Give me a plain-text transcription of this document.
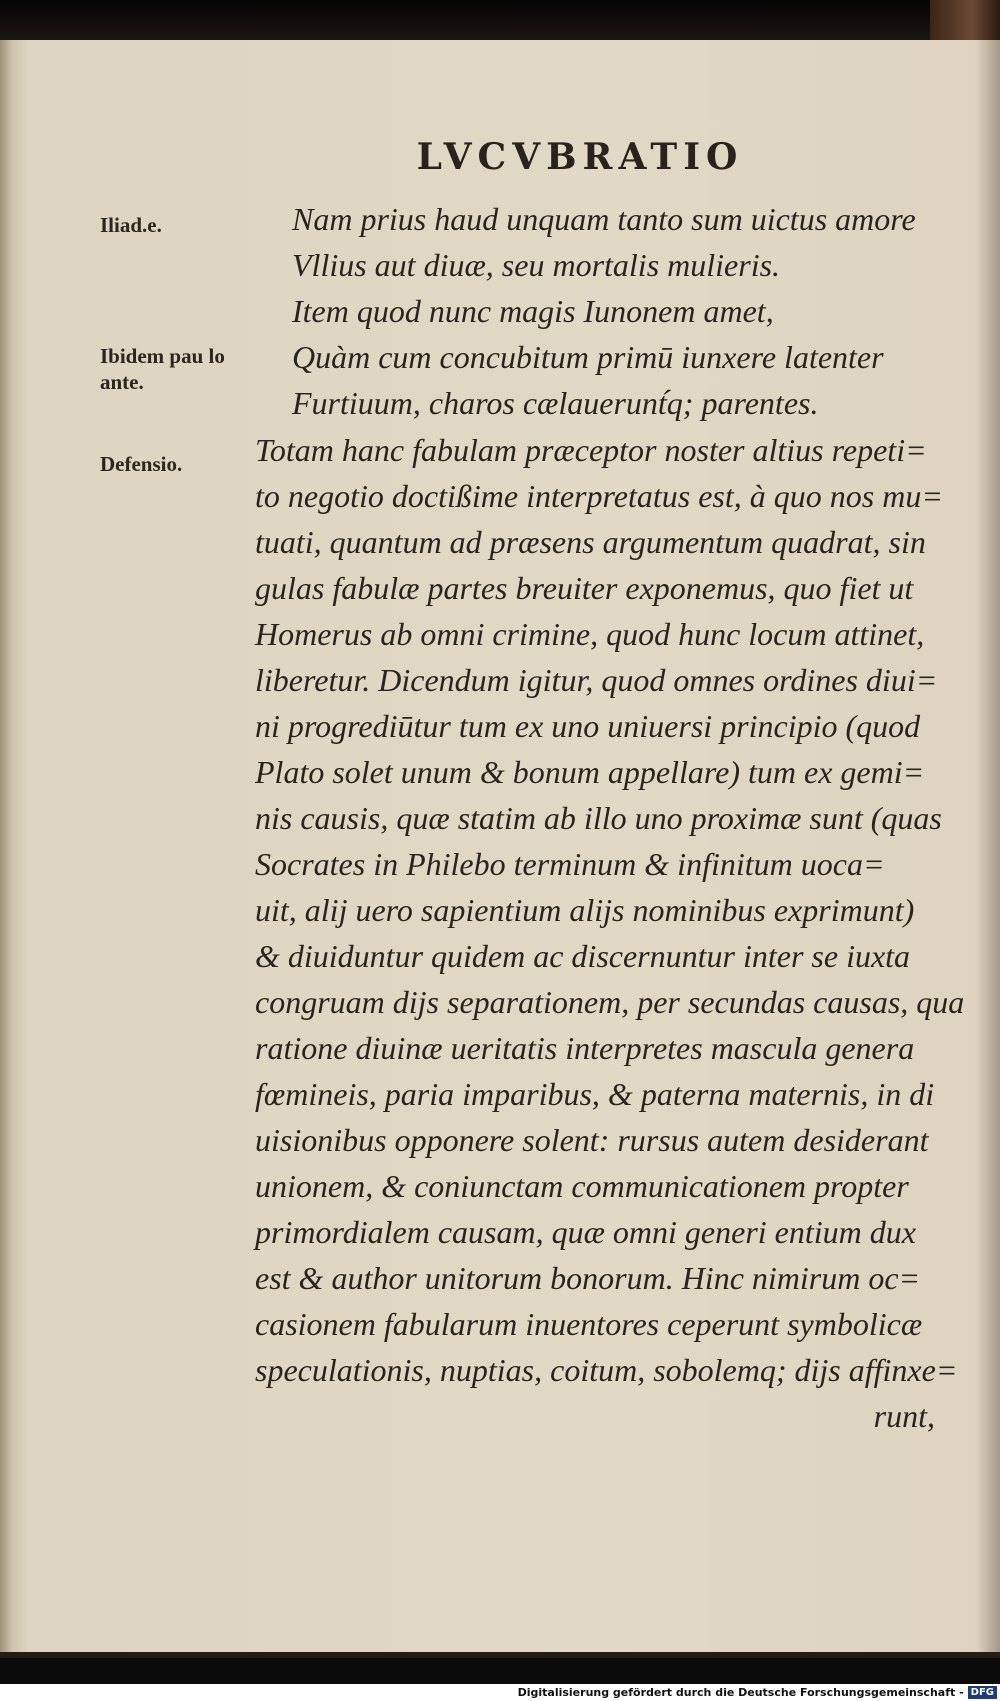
LVCVBRATIO
Iliad.e.
Ibidem pau lo ante.
Defensio.
Nam prius haud unquam tanto sum uictus amore
Vllius aut diuæ, seu mortalis mulieris.
Item quod nunc magis Iunonem amet,
Quàm cum concubitum primū iunxere latenter
Furtiuum, charos cælauerunt́q; parentes.
Totam hanc fabulam præceptor noster altius repeti=
to negotio doctißime interpretatus est, à quo nos mu=
tuati, quantum ad præsens argumentum quadrat, sin
gulas fabulæ partes breuiter exponemus, quo fiet ut
Homerus ab omni crimine, quod hunc locum attinet,
liberetur. Dicendum igitur, quod omnes ordines diui=
ni progrediūtur tum ex uno uniuersi principio (quod
Plato solet unum & bonum appellare) tum ex gemi=
nis causis, quæ statim ab illo uno proximæ sunt (quas
Socrates in Philebo terminum & infinitum uoca=
uit, alij uero sapientium alijs nominibus exprimunt)
& diuiduntur quidem ac discernuntur inter se iuxta
congruam dijs separationem, per secundas causas, qua
ratione diuinæ ueritatis interpretes mascula genera
fœmineis, paria imparibus, & paterna maternis, in di
uisionibus opponere solent: rursus autem desiderant
unionem, & coniunctam communicationem propter
primordialem causam, quæ omni generi entium dux
est & author unitorum bonorum. Hinc nimirum oc=
casionem fabularum inuentores ceperunt symbolicæ
speculationis, nuptias, coitum, sobolemq; dijs affinxe=
runt,
Digitalisierung gefördert durch die Deutsche Forschungsgemeinschaft - DFG
